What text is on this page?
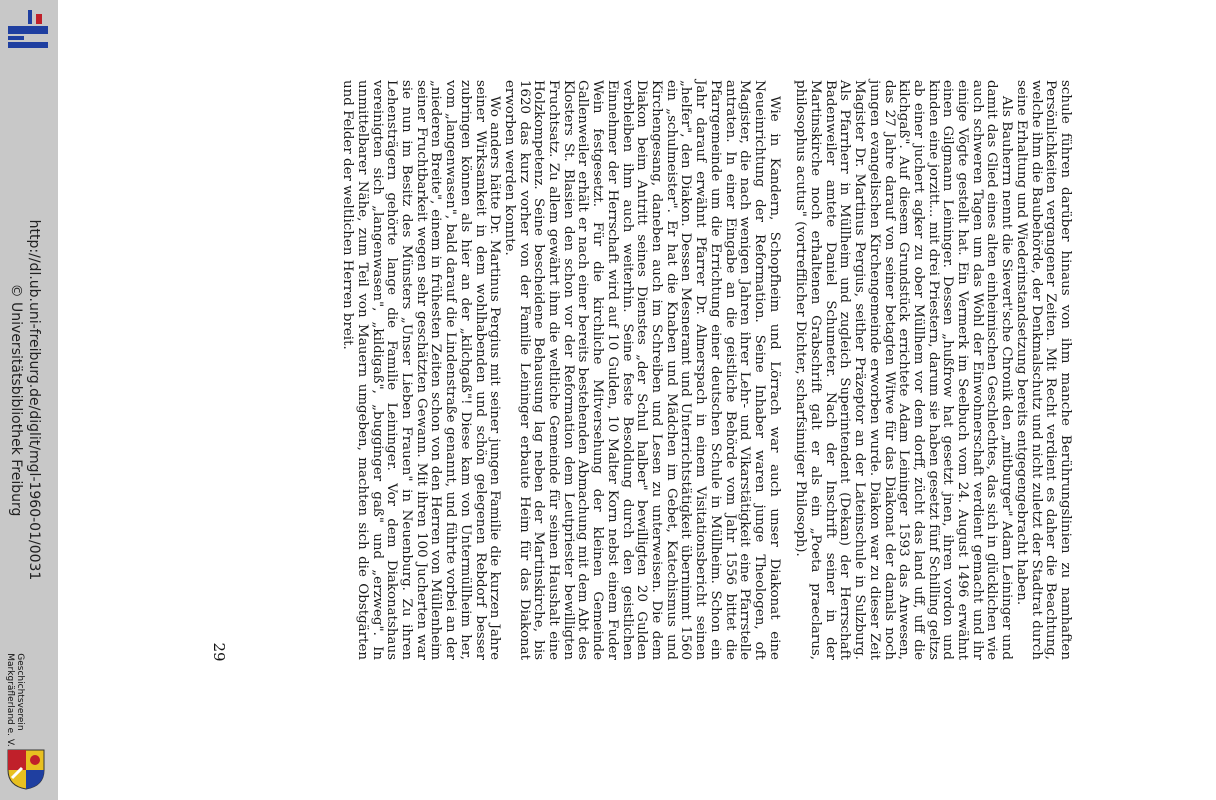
http://dl.ub.uni-freiburg.de/diglit/mgl-1960-01/0031
© Universitätsbibliothek Freiburg
Geschichtsverein
Markgräflerland e. V.
29	schule führen darüber hinaus von ihm manche Berührungslinien zu namhaften Persönlichkeiten vergangener Zeiten. Mit Recht verdient es daher die Beachtung, welche ihm die Baubehörde, der Denkmalschutz und nicht zuletzt der Stadtrat durch seine Erhaltung und Wiederinstandsetzung bereits entgegengebracht haben.

Als Bauherrn nennt die Sievert'sche Chronik den „mitburger" Adam Leininger und damit das Glied eines alten einheimischen Geschlechtes, das sich in glücklichen wie auch schweren Tagen um das Wohl der Einwohnerschaft verdient gemacht und ihr einige Vögte gestellt hat. Ein Vermerk im Seelbuch vom 24. August 1496 erwähnt einen Gilgmann Leininger. Dessen „hußfrow hat gesetzt jnen, ihren vordon und kinden eine jorzitt... mit drei Priestern, darum sie haben gesetzt fünf Schilling geltzs ab einer juchert agker zu ober Müllhem vor dem dorff, zücht das land uff, uff die kilchgaß". Auf diesem Grundstück errichtete Adam Leininger 1593 das Anwesen, das 27 Jahre darauf von seiner betagten Witwe für das Diakonat der damals noch jungen evangelischen Kirchengemeinde erworben wurde. Diakon war zu dieser Zeit Magister Dr. Martinus Pergius, seither Präzeptor an der Lateinschule in Sulzburg. Als Pfarrherr in Müllheim und zugleich Superintendent (Dekan) der Herrschaft Badenweiler amtete Daniel Schumeter. Nach der Inschrift seiner in der Martinskirche noch erhaltenen Grabschrift galt er als ein „Poeta praeclarus, philosophus acutus" (vortrefflicher Dichter, scharfsinniger Philosoph).

Wie in Kandern, Schopfheim und Lörrach war auch unser Diakonat eine Neueinrichtung der Reformation. Seine Inhaber waren junge Theologen, oft Magister, die nach wenigen Jahren ihrer Lehr- und Vikarstätigkeit eine Pfarrstelle antraten. In einer Eingabe an die geistliche Behörde vom Jahr 1556 bittet die Pfarrgemeinde um die Errichtung einer deutschen Schule in Müllheim. Schon ein Jahr darauf erwähnt Pfarrer Dr. Almerspach in einem Visitationsbericht seinen „helfer", den Diakon. Dessen Mesneramt und Unterrichtstätigkeit übernimmt 1560 ein „schulmeister". Er hat die Knaben und Mädchen im Gebet, Katechismus und Kirchengesang, daneben auch im Schreiben und Lesen zu unterweisen. Die dem Diakon beim Antritt seines Dienstes „der Schul halber" bewilligten 20 Gulden verbleiben ihm auch weiterhin. Seine feste Besoldung durch den geistlichen Einnehmer der Herrschaft wird auf 10 Gulden, 10 Malter Korn nebst einem Fuder Wein festgesetzt. Für die kirchliche Mitversehung der kleinen Gemeinde Gallenweiler erhält er nach einer bereits bestehenden Abmachung mit dem Abt des Klosters St. Blasien den schon vor der Reformation dem Leutpriester bewilligten Fruchtsatz. Zu allem gewährt ihm die weltliche Gemeinde für seinen Haushalt eine Holzkompetenz. Seine bescheidene Behausung lag neben der Martinskirche, bis 1620 das kurz vorher von der Familie Leininger erbaute Heim für das Diakonat erworben werden konnte.

Wo anders hätte Dr. Martinus Pergius mit seiner jungen Familie die kurzen Jahre seiner Wirksamkeit in dem wohlhabenden und schön gelegenen Rebdorf besser zubringen können als hier an der „kilchgaß"! Diese kam von Untermüllheim her, vom „langenwasen", bald darauf die Lindenstraße genannt, und führte vorbei an der „niederen Breite", einem in frühesten Zeiten schon von den Herren von Müllenheim seiner Fruchtbarkeit wegen sehr geschätzten Gewann. Mit ihren 100 Jucherten war sie nun im Besitz des Münsters „Unser Lieben Frauen" in Neuenburg. Zu ihren Lehensträgern gehörte lange die Familie Leininger. Vor dem Diakonatshaus vereinigten sich „langenwasen", „kildigaß", „bugginger gaß" und „erzweg". In unmittelbarer Nähe, zum Teil von Mauern umgeben, machten sich die Obstgärten und Felder der weltlichen Herren breit.
